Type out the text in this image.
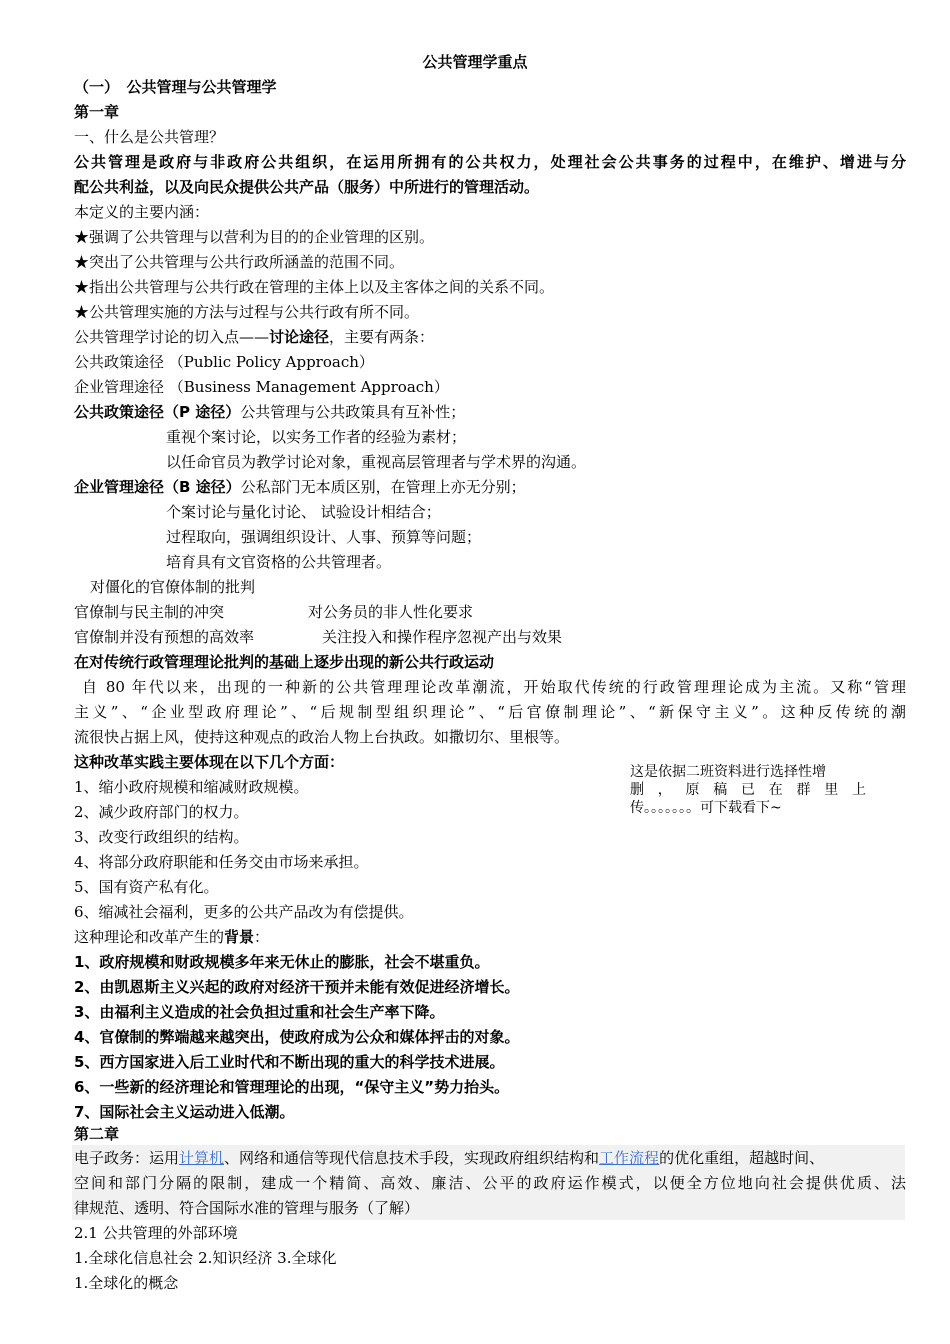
公共管理学重点
（一）　公共管理与公共管理学
第一章
一、什么是公共管理？
公共管理是政府与非政府公共组织，在运用所拥有的公共权力，处理社会公共事务的过程中，在维护、增进与分
配公共利益，以及向民众提供公共产品（服务）中所进行的管理活动。
本定义的主要内涵：
★强调了公共管理与以营利为目的的企业管理的区别。
★突出了公共管理与公共行政所涵盖的范围不同。
★指出公共管理与公共行政在管理的主体上以及主客体之间的关系不同。
★公共管理实施的方法与过程与公共行政有所不同。
公共管理学讨论的切入点——讨论途径，主要有两条：
公共政策途径 （Public Policy Approach）
企业管理途径 （Business Management Approach）
公共政策途径（P 途径）公共管理与公共政策具有互补性；
重视个案讨论，以实务工作者的经验为素材；
以任命官员为教学讨论对象，重视高层管理者与学术界的沟通。
企业管理途径（B 途径）公私部门无本质区别，在管理上亦无分别；
个案讨论与量化讨论、 试验设计相结合；
过程取向，强调组织设计、人事、预算等问题；
培育具有文官资格的公共管理者。
对僵化的官僚体制的批判
官僚制与民主制的冲突	对公务员的非人性化要求
官僚制并没有预想的高效率	关注投入和操作程序忽视产出与效果
在对传统行政管理理论批判的基础上逐步出现的新公共行政运动
自 80 年代以来，出现的一种新的公共管理理论改革潮流，开始取代传统的行政管理理论成为主流。又称“管理
主义”、“企业型政府理论”、“后规制型组织理论”、“后官僚制理论”、“新保守主义”。这种反传统的潮
流很快占据上风，使持这种观点的政治人物上台执政。如撒切尔、里根等。
这种改革实践主要体现在以下几个方面：
1、缩小政府规模和缩减财政规模。
2、减少政府部门的权力。
3、改变行政组织的结构。
4、将部分政府职能和任务交由市场来承担。
5、国有资产私有化。
6、缩减社会福利，更多的公共产品改为有偿提供。
这种理论和改革产生的背景：
1、政府规模和财政规模多年来无休止的膨胀，社会不堪重负。
2、由凯恩斯主义兴起的政府对经济干预并未能有效促进经济增长。
3、由福利主义造成的社会负担过重和社会生产率下降。
4、官僚制的弊端越来越突出，使政府成为公众和媒体抨击的对象。
5、西方国家进入后工业时代和不断出现的重大的科学技术进展。
6、一些新的经济理论和管理理论的出现，“保守主义”势力抬头。
7、国际社会主义运动进入低潮。
这是依据二班资料进行选择性增
删 ， 原 稿 已 在 群 里 上
传。。。。。。。可下载看下~
第二章
电子政务：运用计算机、网络和通信等现代信息技术手段，实现政府组织结构和工作流程的优化重组，超越时间、
空间和部门分隔的限制，建成一个精简、高效、廉洁、公平的政府运作模式，以便全方位地向社会提供优质、法
律规范、透明、符合国际水准的管理与服务（了解）
2.1 公共管理的外部环境
1.全球化信息社会 2.知识经济 3.全球化
1.全球化的概念
